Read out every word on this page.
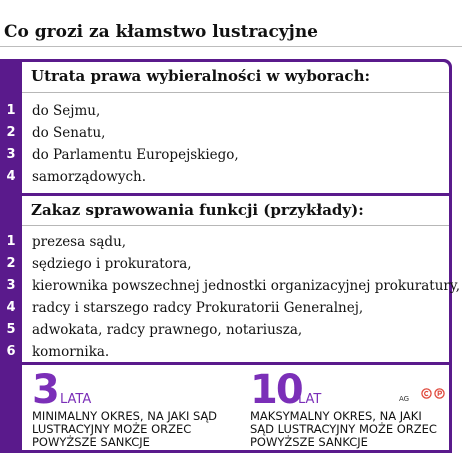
Co grozi za kłamstwo lustracyjne
Utrata prawa wybieralności w wyborach:
1	do Sejmu,
2	do Senatu,
3	do Parlamentu Europejskiego,
4	samorządowych.
Zakaz sprawowania funkcji (przykłady):
1	prezesa sądu,
2	sędziego i prokuratora,
3	kierownika powszechnej jednostki organizacyjnej prokuratury,
4	radcy i starszego radcy Prokuratorii Generalnej,
5	adwokata, radcy prawnego, notariusza,
6	komornika.
3 LATA
MINIMALNY OKRES, NA JAKI SĄD
LUSTRACYJNY MOŻE ORZEC
POWYŻSZE SANKCJE
10
LAT
MAKSYMALNY OKRES, NA JAKI
SĄD LUSTRACYJNY MOŻE ORZEC
POWYŻSZE SANKCJE
AG
